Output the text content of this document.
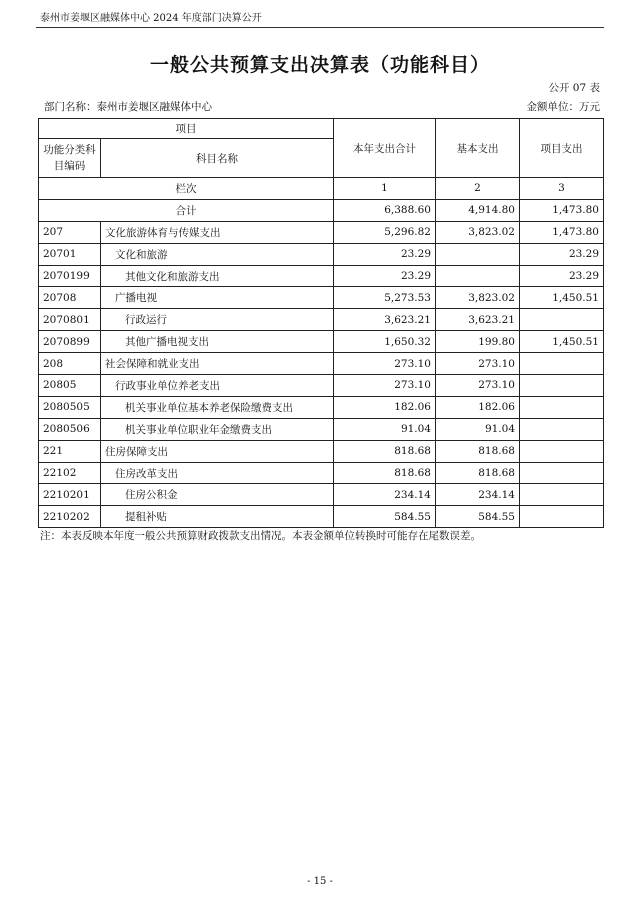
泰州市姜堰区融媒体中心 2024 年度部门决算公开
一般公共预算支出决算表（功能科目）
公开 07 表
部门名称：泰州市姜堰区融媒体中心	金额单位：万元
项目		本年支出合计	基本支出	项目支出
功能分类科目编码	科目名称			
栏次		1	2	3
合计		6,388.60	4,914.80	1,473.80
207	文化旅游体育与传媒支出	5,296.82	3,823.02	1,473.80
20701	文化和旅游	23.29		23.29
2070199	其他文化和旅游支出	23.29		23.29
20708	广播电视	5,273.53	3,823.02	1,450.51
2070801	行政运行	3,623.21	3,623.21	
2070899	其他广播电视支出	1,650.32	199.80	1,450.51
208	社会保障和就业支出	273.10	273.10	
20805	行政事业单位养老支出	273.10	273.10	
2080505	机关事业单位基本养老保险缴费支出	182.06	182.06	
2080506	机关事业单位职业年金缴费支出	91.04	91.04	
221	住房保障支出	818.68	818.68	
22102	住房改革支出	818.68	818.68	
2210201	住房公积金	234.14	234.14	
2210202	提租补贴	584.55	584.55	
注：本表反映本年度一般公共预算财政拨款支出情况。本表金额单位转换时可能存在尾数误差。
- 15 -
